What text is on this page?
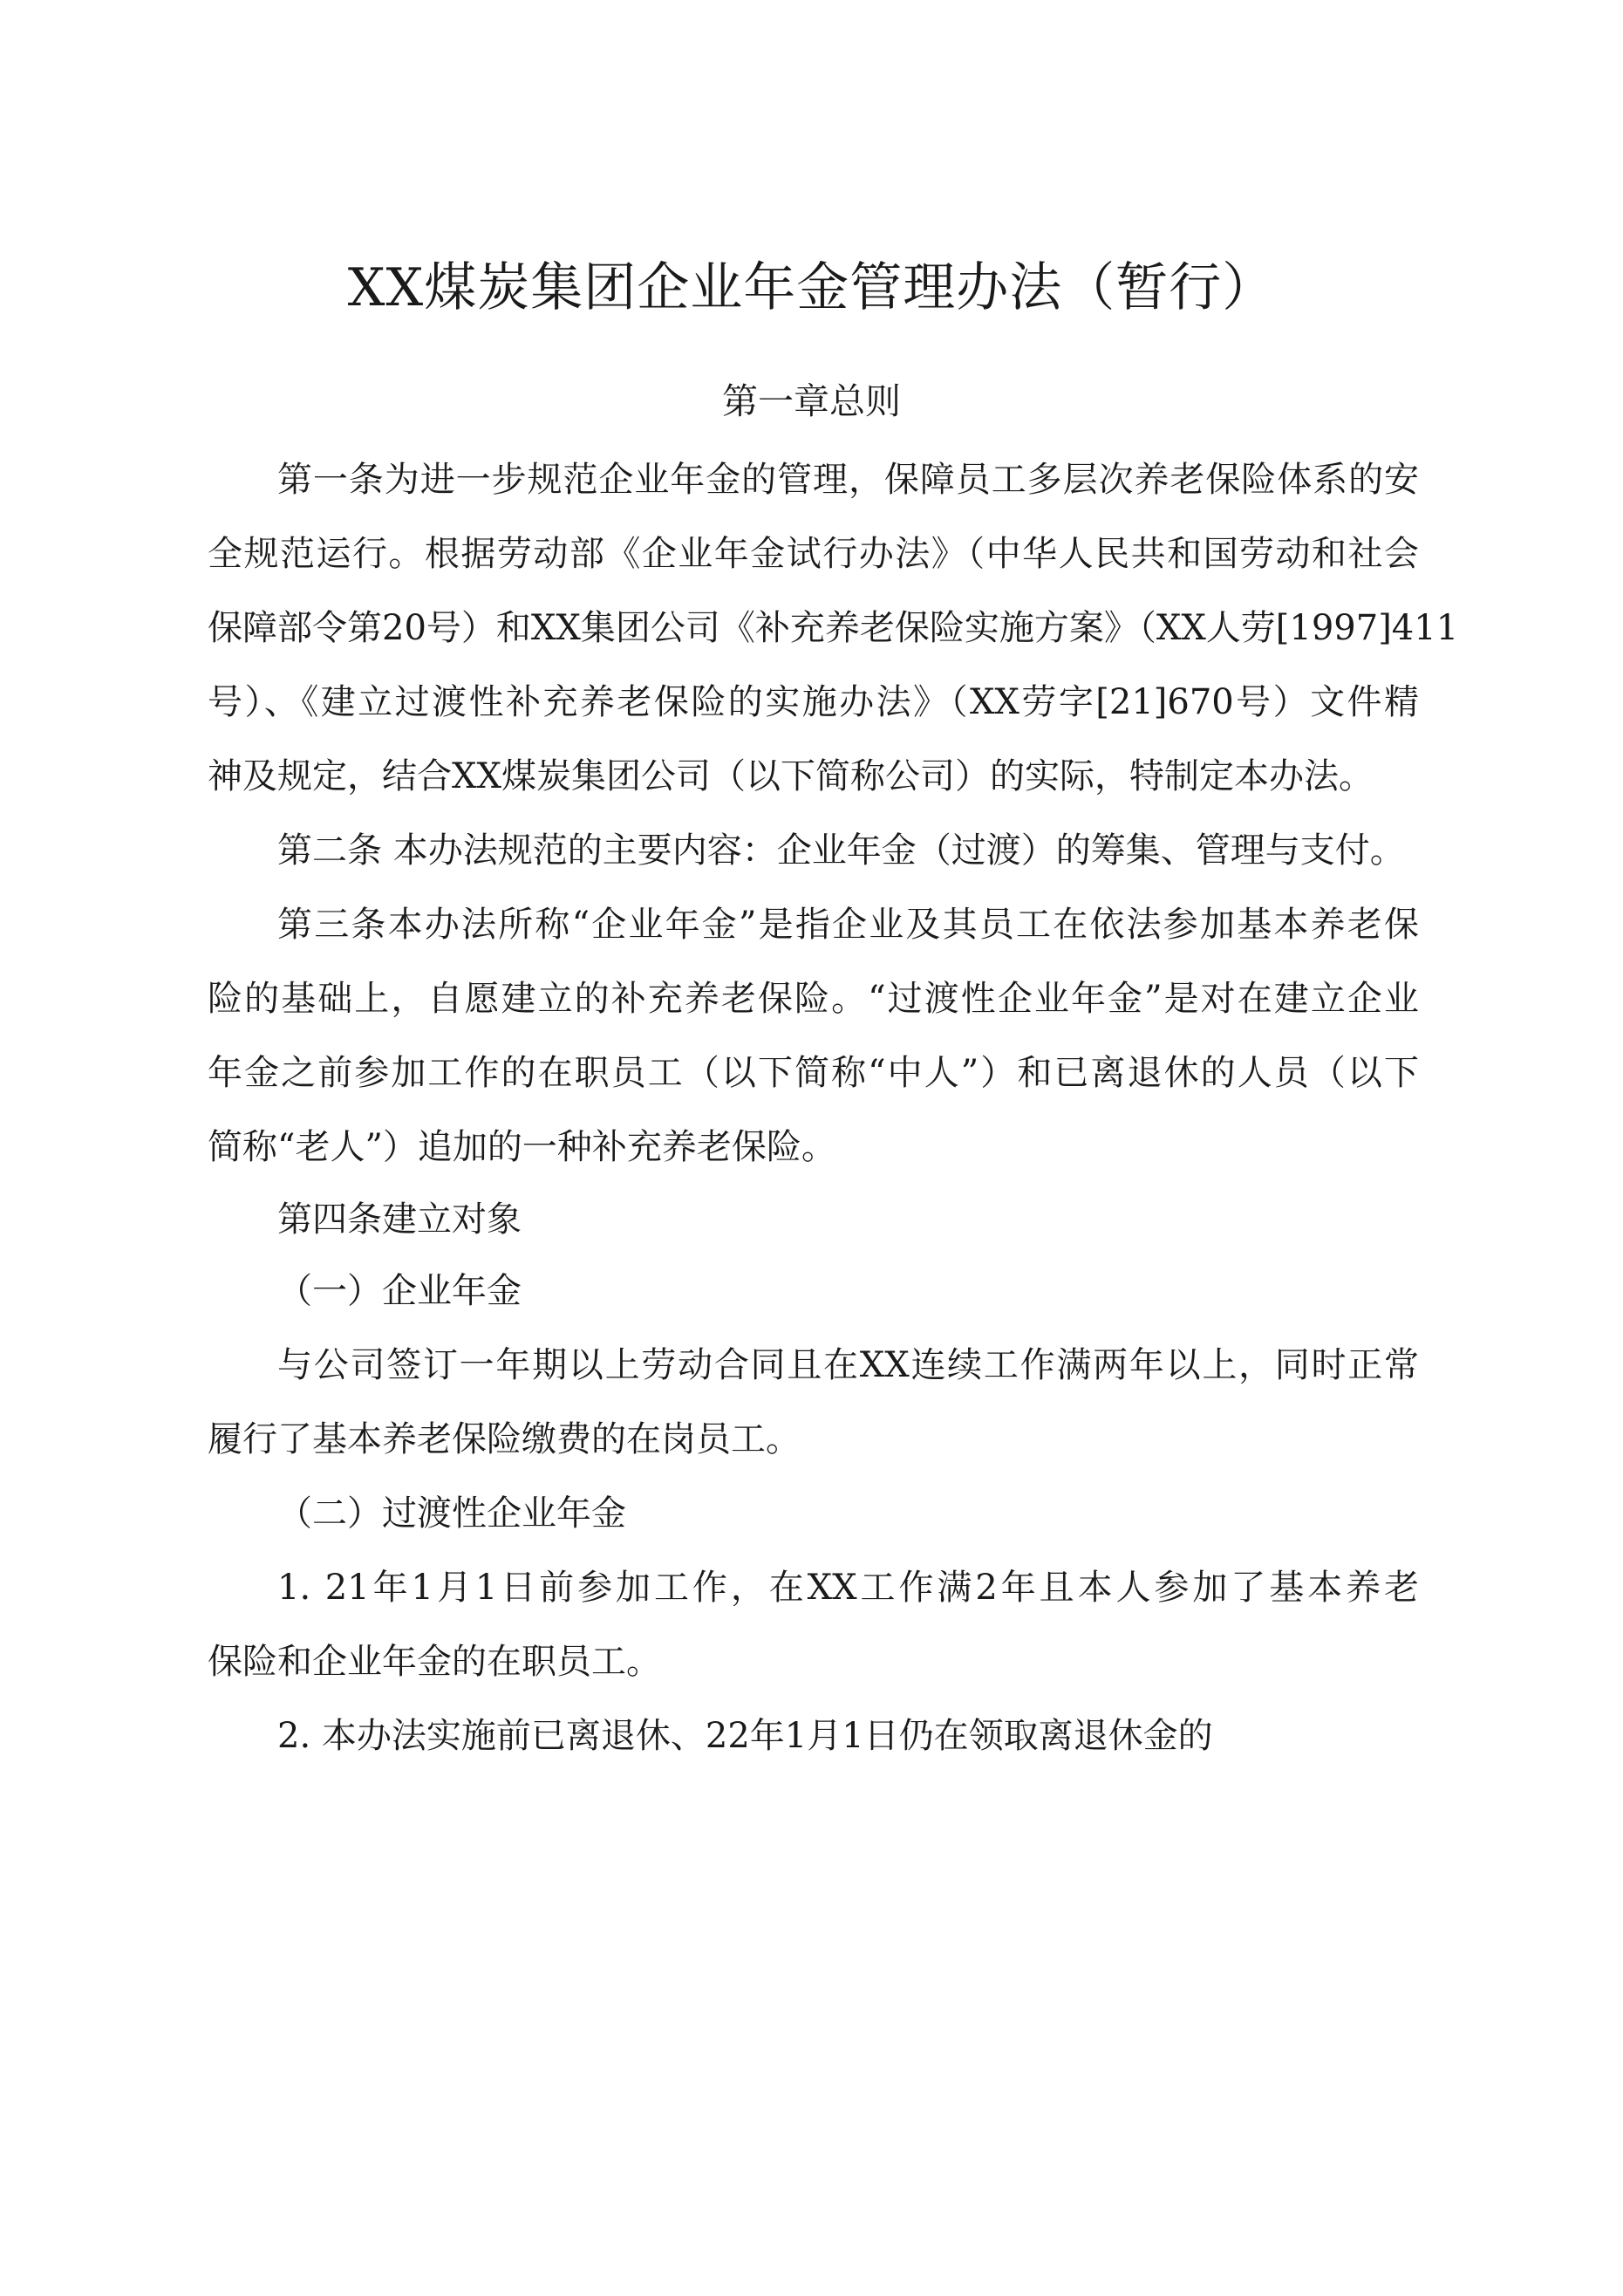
XX煤炭集团企业年金管理办法（暂行）
第一章总则
第一条为进一步规范企业年金的管理，保障员工多层次养老保险体系的安
全规范运行。根据劳动部《企业年金试行办法》（中华人民共和国劳动和社会
保障部令第20号）和XX集团公司《补充养老保险实施方案》（XX人劳[1997]411
号）、《建立过渡性补充养老保险的实施办法》（XX劳字[21]670号）文件精
神及规定，结合XX煤炭集团公司（以下简称公司）的实际，特制定本办法。
第二条 本办法规范的主要内容：企业年金（过渡）的筹集、管理与支付。
第三条本办法所称“企业年金”是指企业及其员工在依法参加基本养老保
险的基础上，自愿建立的补充养老保险。“过渡性企业年金”是对在建立企业
年金之前参加工作的在职员工（以下简称“中人”）和已离退休的人员（以下
简称“老人”）追加的一种补充养老保险。
第四条建立对象
（一）企业年金
与公司签订一年期以上劳动合同且在XX连续工作满两年以上，同时正常
履行了基本养老保险缴费的在岗员工。
（二）过渡性企业年金
1. 21年1月1日前参加工作，在XX工作满2年且本人参加了基本养老
保险和企业年金的在职员工。
2. 本办法实施前已离退休、22年1月1日仍在领取离退休金的
